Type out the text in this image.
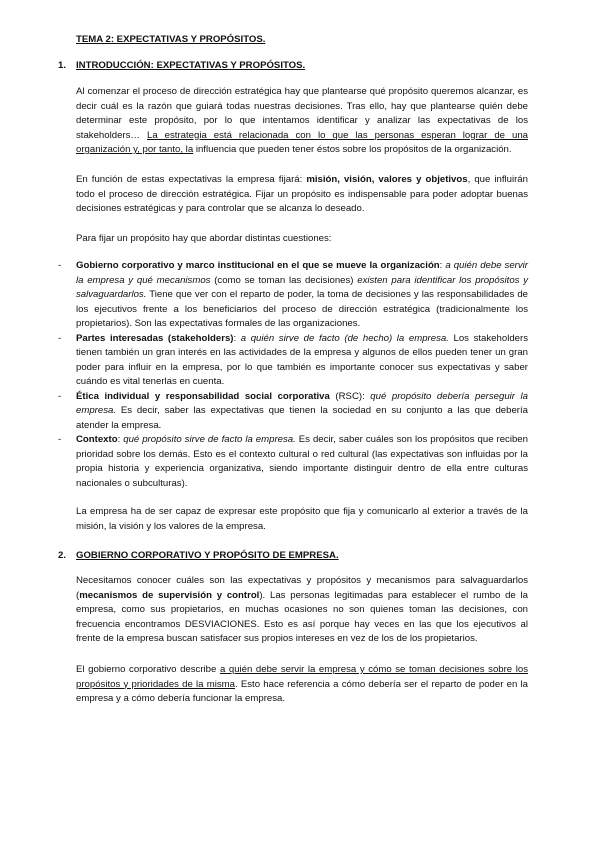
TEMA 2: EXPECTATIVAS Y PROPÓSITOS.
1. INTRODUCCIÓN: EXPECTATIVAS Y PROPÓSITOS.

Al comenzar el proceso de dirección estratégica hay que plantearse qué propósito queremos alcanzar, es decir cuál es la razón que guiará todas nuestras decisiones. Tras ello, hay que plantearse quién debe determinar este propósito, por lo que intentamos identificar y analizar las expectativas de los stakeholders… La estrategia está relacionada con lo que las personas esperan lograr de una organización y, por tanto, la influencia que pueden tener éstos sobre los propósitos de la organización.

En función de estas expectativas la empresa fijará: misión, visión, valores y objetivos, que influirán todo el proceso de dirección estratégica. Fijar un propósito es indispensable para poder adoptar buenas decisiones estratégicas y para controlar que se alcanza lo deseado.

Para fijar un propósito hay que abordar distintas cuestiones:

- Gobierno corporativo y marco institucional en el que se mueve la organización: a quién debe servir la empresa y qué mecanismos (como se toman las decisiones) existen para identificar los propósitos y salvaguardarlos. Tiene que ver con el reparto de poder, la toma de decisiones y las responsabilidades de los ejecutivos frente a los beneficiarios del proceso de dirección estratégica (tradicionalmente los propietarios). Son las expectativas formales de las organizaciones.
- Partes interesadas (stakeholders): a quién sirve de facto (de hecho) la empresa. Los stakeholders tienen también un gran interés en las actividades de la empresa y algunos de ellos pueden tener un gran poder para influir en la empresa, por lo que también es importante conocer sus expectativas y saber cuándo es vital tenerlas en cuenta.
- Ética individual y responsabilidad social corporativa (RSC): qué propósito debería perseguir la empresa. Es decir, saber las expectativas que tienen la sociedad en su conjunto a las que debería atender la empresa.
- Contexto: qué propósito sirve de facto la empresa. Es decir, saber cuáles son los propósitos que reciben prioridad sobre los demás. Esto es el contexto cultural o red cultural (las expectativas son influidas por la propia historia y experiencia organizativa, siendo importante distinguir dentro de ella entre culturas nacionales o subculturas).

La empresa ha de ser capaz de expresar este propósito que fija y comunicarlo al exterior a través de la misión, la visión y los valores de la empresa.

2. GOBIERNO CORPORATIVO Y PROPÓSITO DE EMPRESA.

Necesitamos conocer cuáles son las expectativas y propósitos y mecanismos para salvaguardarlos (mecanismos de supervisión y control). Las personas legitimadas para establecer el rumbo de la empresa, como sus propietarios, en muchas ocasiones no son quienes toman las decisiones, con frecuencia encontramos DESVIACIONES. Esto es así porque hay veces en las que los ejecutivos al frente de la empresa buscan satisfacer sus propios intereses en vez de los de los propietarios.

El gobierno corporativo describe a quién debe servir la empresa y cómo se toman decisiones sobre los propósitos y prioridades de la misma. Esto hace referencia a cómo debería ser el reparto de poder en la empresa y a cómo debería funcionar la empresa.
